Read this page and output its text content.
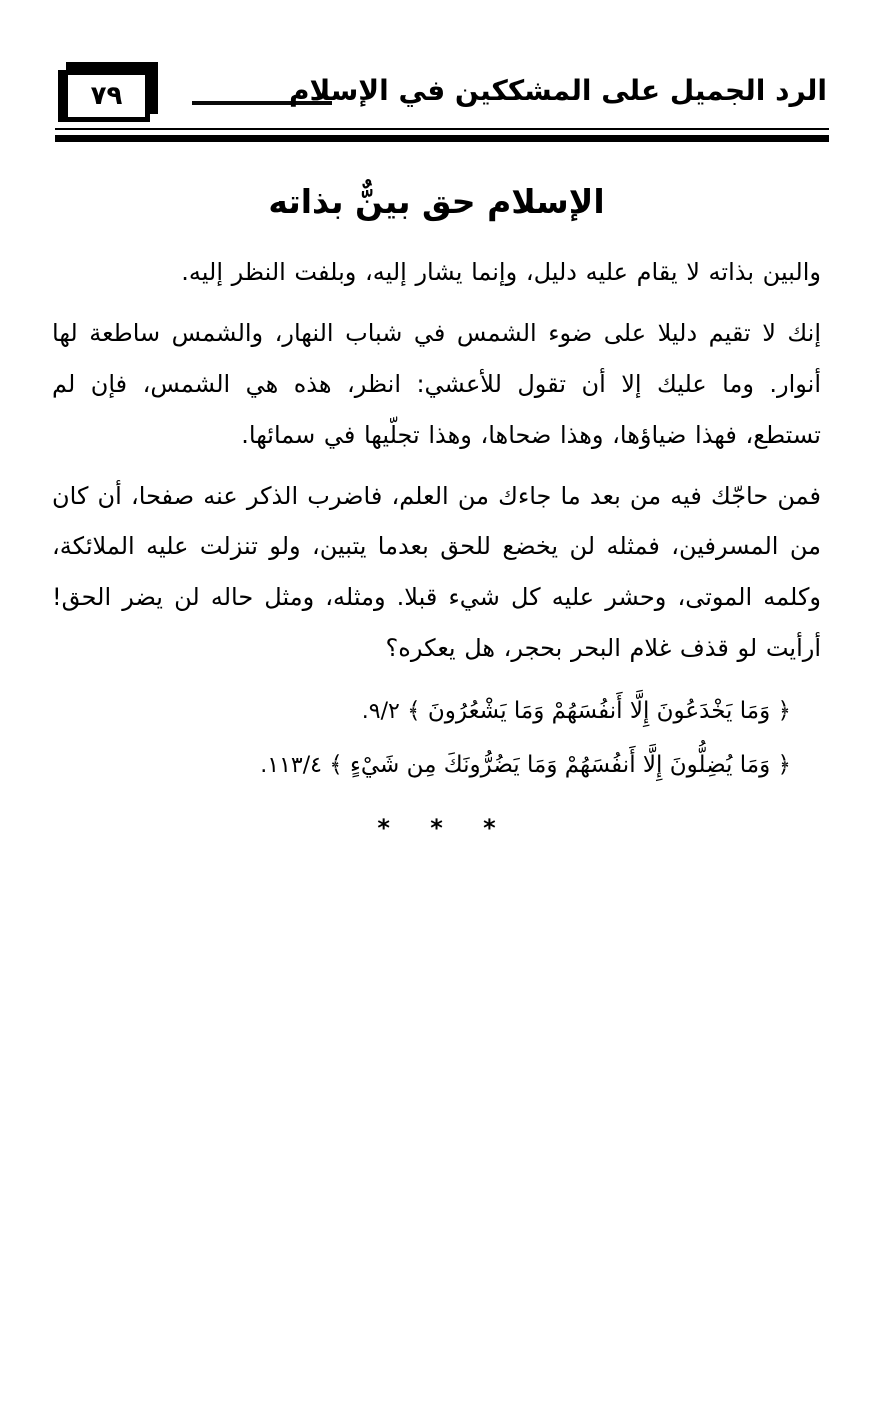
٧٩	الرد الجميل على المشككين في الإسلام
الإسلام حق بينٌّ بذاته

والبين بذاته لا يقام عليه دليل، وإنما يشار إليه، وبلفت النظر إليه.

إنك لا تقيم دليلا على ضوء الشمس في شباب النهار، والشمس ساطعة لها أنوار. وما عليك إلا أن تقول للأعشي: انظر، هذه هي الشمس، فإن لم تستطع، فهذا ضياؤها، وهذا ضحاها، وهذا تجلّيها في سمائها.

فمن حاجّك فيه من بعد ما جاءك من العلم، فاضرب الذكر عنه صفحا، أن كان من المسرفين، فمثله لن يخضع للحق بعدما يتبين، ولو تنزلت عليه الملائكة، وكلمه الموتى، وحشر عليه كل شيء قبلا. ومثله، ومثل حاله لن يضر الحق! أرأيت لو قذف غلام البحر بحجر، هل يعكره؟

﴿ وَمَا يَخْدَعُونَ إِلَّا أَنفُسَهُمْ وَمَا يَشْعُرُونَ ﴾ ٩/٢.
﴿ وَمَا يُضِلُّونَ إِلَّا أَنفُسَهُمْ وَمَا يَضُرُّونَكَ مِن شَيْءٍ ﴾ ١١٣/٤.
* * *
